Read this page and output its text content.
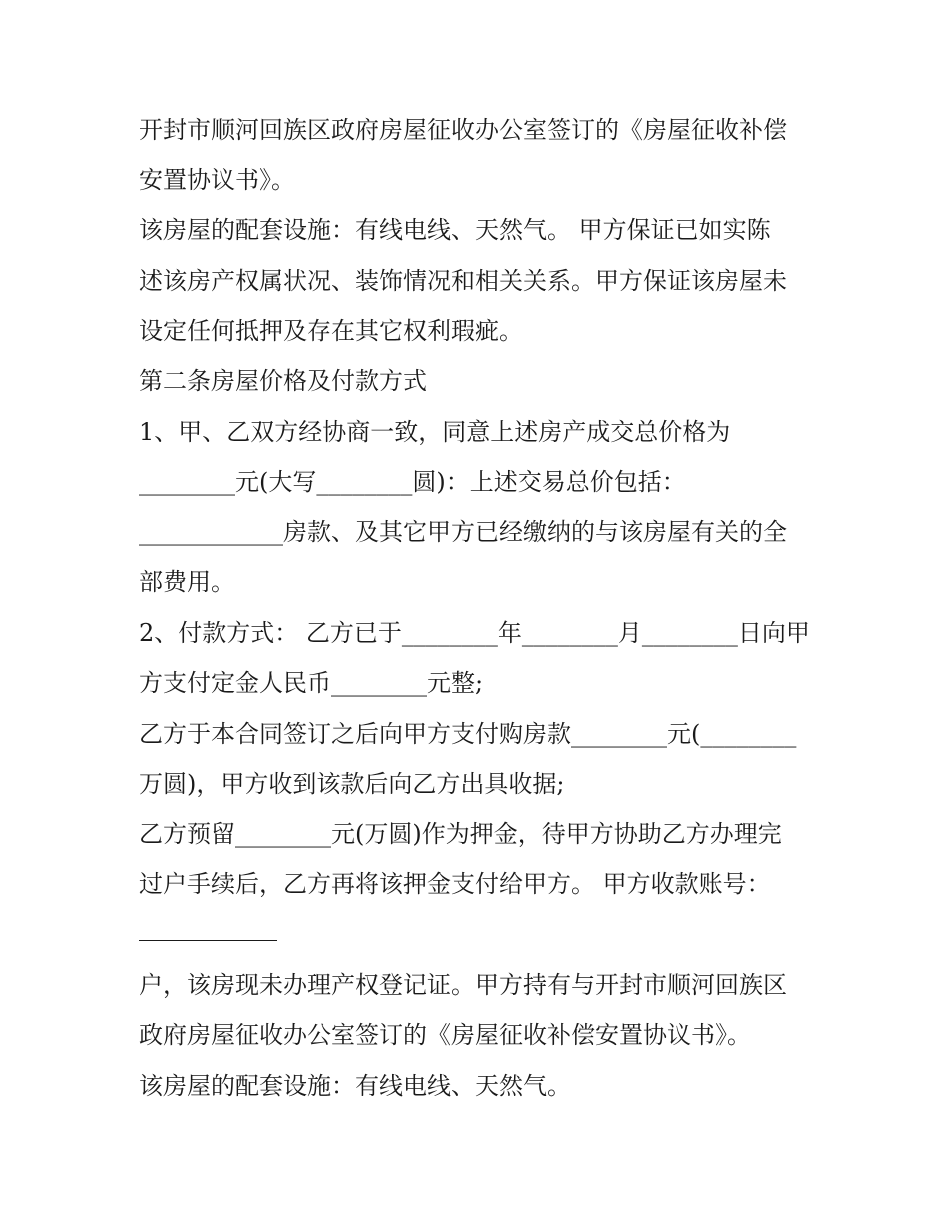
开封市顺河回族区政府房屋征收办公室签订的《房屋征收补偿
安置协议书》。
该房屋的配套设施：有线电线、天然气。 甲方保证已如实陈
述该房产权属状况、装饰情况和相关关系。甲方保证该房屋未
设定任何抵押及存在其它权利瑕疵。
第二条房屋价格及付款方式
1、甲、乙双方经协商一致，同意上述房产成交总价格为
________元(大写________圆)：上述交易总价包括：
____________房款、及其它甲方已经缴纳的与该房屋有关的全
部费用。
2、付款方式： 乙方已于________年________月________日向甲
方支付定金人民币________元整;
乙方于本合同签订之后向甲方支付购房款________元(________
万圆)，甲方收到该款后向乙方出具收据;
乙方预留________元(万圆)作为押金，待甲方协助乙方办理完
过户手续后，乙方再将该押金支付给甲方。 甲方收款账号：
户，该房现未办理产权登记证。甲方持有与开封市顺河回族区
政府房屋征收办公室签订的《房屋征收补偿安置协议书》。
该房屋的配套设施：有线电线、天然气。
